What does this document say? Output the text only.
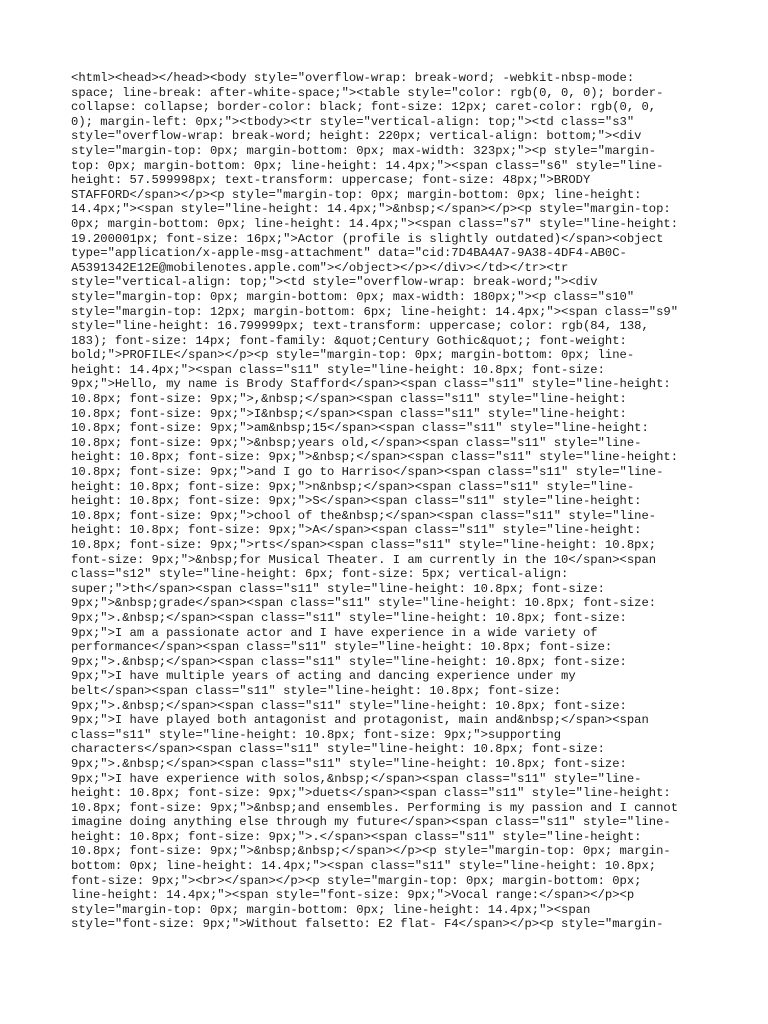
<html><head></head><body style="overflow-wrap: break-word; -webkit-nbsp-mode:
space; line-break: after-white-space;"><table style="color: rgb(0, 0, 0); border-
collapse: collapse; border-color: black; font-size: 12px; caret-color: rgb(0, 0,
0); margin-left: 0px;"><tbody><tr style="vertical-align: top;"><td class="s3"
style="overflow-wrap: break-word; height: 220px; vertical-align: bottom;"><div
style="margin-top: 0px; margin-bottom: 0px; max-width: 323px;"><p style="margin-
top: 0px; margin-bottom: 0px; line-height: 14.4px;"><span class="s6" style="line-
height: 57.599998px; text-transform: uppercase; font-size: 48px;">BRODY
STAFFORD</span></p><p style="margin-top: 0px; margin-bottom: 0px; line-height:
14.4px;"><span style="line-height: 14.4px;">&nbsp;</span></p><p style="margin-top:
0px; margin-bottom: 0px; line-height: 14.4px;"><span class="s7" style="line-height:
19.200001px; font-size: 16px;">Actor (profile is slightly outdated)</span><object
type="application/x-apple-msg-attachment" data="cid:7D4BA4A7-9A38-4DF4-AB0C-
A5391342E12E@mobilenotes.apple.com"></object></p></div></td></tr><tr
style="vertical-align: top;"><td style="overflow-wrap: break-word;"><div
style="margin-top: 0px; margin-bottom: 0px; max-width: 180px;"><p class="s10"
style="margin-top: 12px; margin-bottom: 6px; line-height: 14.4px;"><span class="s9"
style="line-height: 16.799999px; text-transform: uppercase; color: rgb(84, 138,
183); font-size: 14px; font-family: &quot;Century Gothic&quot;; font-weight:
bold;">PROFILE</span></p><p style="margin-top: 0px; margin-bottom: 0px; line-
height: 14.4px;"><span class="s11" style="line-height: 10.8px; font-size:
9px;">Hello, my name is Brody Stafford</span><span class="s11" style="line-height:
10.8px; font-size: 9px;">,&nbsp;</span><span class="s11" style="line-height:
10.8px; font-size: 9px;">I&nbsp;</span><span class="s11" style="line-height:
10.8px; font-size: 9px;">am&nbsp;15</span><span class="s11" style="line-height:
10.8px; font-size: 9px;">&nbsp;years old,</span><span class="s11" style="line-
height: 10.8px; font-size: 9px;">&nbsp;</span><span class="s11" style="line-height:
10.8px; font-size: 9px;">and I go to Harriso</span><span class="s11" style="line-
height: 10.8px; font-size: 9px;">n&nbsp;</span><span class="s11" style="line-
height: 10.8px; font-size: 9px;">S</span><span class="s11" style="line-height:
10.8px; font-size: 9px;">chool of the&nbsp;</span><span class="s11" style="line-
height: 10.8px; font-size: 9px;">A</span><span class="s11" style="line-height:
10.8px; font-size: 9px;">rts</span><span class="s11" style="line-height: 10.8px;
font-size: 9px;">&nbsp;for Musical Theater. I am currently in the 10</span><span
class="s12" style="line-height: 6px; font-size: 5px; vertical-align:
super;">th</span><span class="s11" style="line-height: 10.8px; font-size:
9px;">&nbsp;grade</span><span class="s11" style="line-height: 10.8px; font-size:
9px;">.&nbsp;</span><span class="s11" style="line-height: 10.8px; font-size:
9px;">I am a passionate actor and I have experience in a wide variety of
performance</span><span class="s11" style="line-height: 10.8px; font-size:
9px;">.&nbsp;</span><span class="s11" style="line-height: 10.8px; font-size:
9px;">I have multiple years of acting and dancing experience under my
belt</span><span class="s11" style="line-height: 10.8px; font-size:
9px;">.&nbsp;</span><span class="s11" style="line-height: 10.8px; font-size:
9px;">I have played both antagonist and protagonist, main and&nbsp;</span><span
class="s11" style="line-height: 10.8px; font-size: 9px;">supporting
characters</span><span class="s11" style="line-height: 10.8px; font-size:
9px;">.&nbsp;</span><span class="s11" style="line-height: 10.8px; font-size:
9px;">I have experience with solos,&nbsp;</span><span class="s11" style="line-
height: 10.8px; font-size: 9px;">duets</span><span class="s11" style="line-height:
10.8px; font-size: 9px;">&nbsp;and ensembles. Performing is my passion and I cannot
imagine doing anything else through my future</span><span class="s11" style="line-
height: 10.8px; font-size: 9px;">.</span><span class="s11" style="line-height:
10.8px; font-size: 9px;">&nbsp;&nbsp;</span></p><p style="margin-top: 0px; margin-
bottom: 0px; line-height: 14.4px;"><span class="s11" style="line-height: 10.8px;
font-size: 9px;"><br></span></p><p style="margin-top: 0px; margin-bottom: 0px;
line-height: 14.4px;"><span style="font-size: 9px;">Vocal range:</span></p><p
style="margin-top: 0px; margin-bottom: 0px; line-height: 14.4px;"><span
style="font-size: 9px;">Without falsetto: E2 flat- F4</span></p><p style="margin-
